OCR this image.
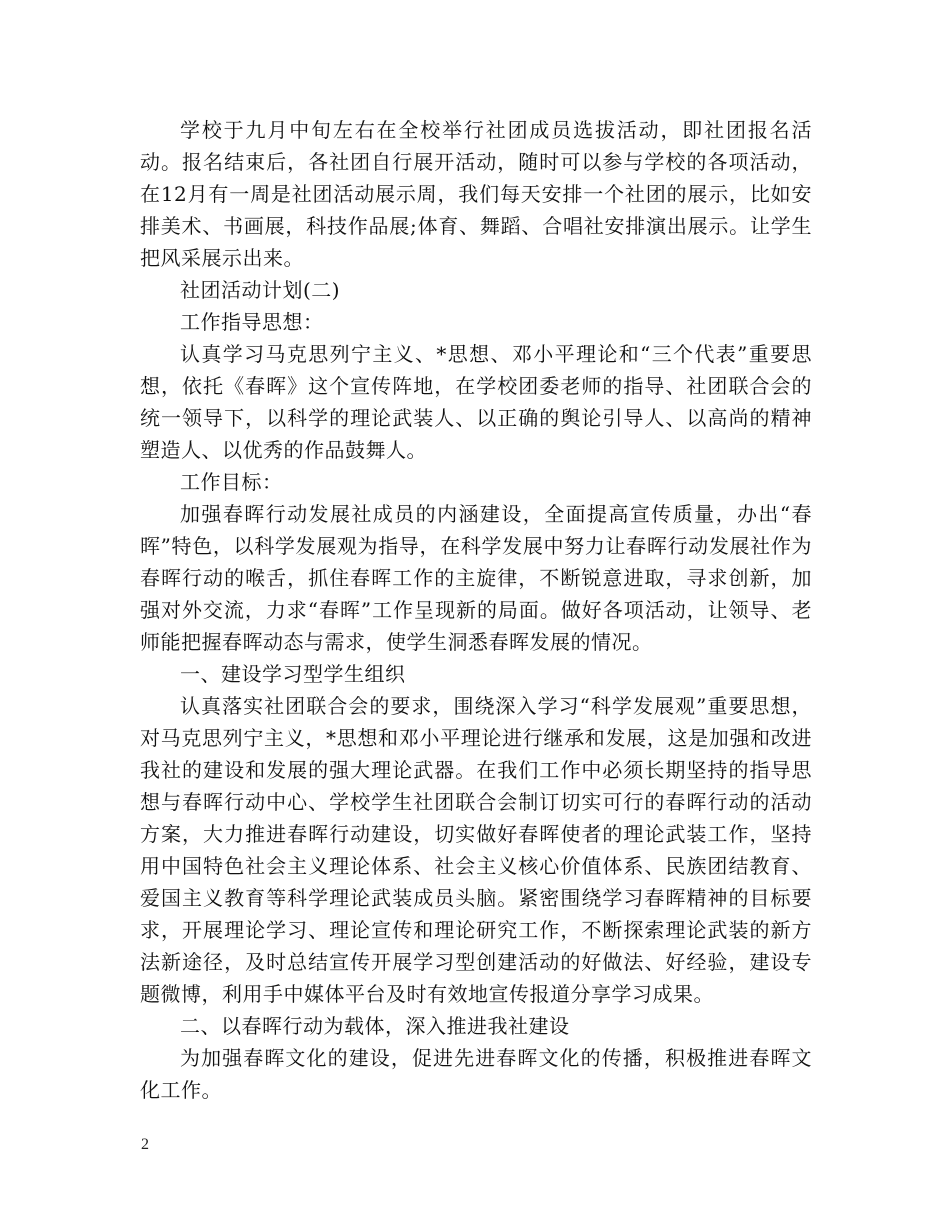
学校于九月中旬左右在全校举行社团成员选拔活动，即社团报名活动。报名结束后，各社团自行展开活动，随时可以参与学校的各项活动，在12月有一周是社团活动展示周，我们每天安排一个社团的展示，比如安排美术、书画展，科技作品展;体育、舞蹈、合唱社安排演出展示。让学生把风采展示出来。

社团活动计划(二)

工作指导思想：

认真学习马克思列宁主义、*思想、邓小平理论和“三个代表”重要思想，依托《春晖》这个宣传阵地，在学校团委老师的指导、社团联合会的统一领导下，以科学的理论武装人、以正确的舆论引导人、以高尚的精神塑造人、以优秀的作品鼓舞人。

工作目标：

加强春晖行动发展社成员的内涵建设，全面提高宣传质量，办出“春晖”特色，以科学发展观为指导，在科学发展中努力让春晖行动发展社作为春晖行动的喉舌，抓住春晖工作的主旋律，不断锐意进取，寻求创新，加强对外交流，力求“春晖”工作呈现新的局面。做好各项活动，让领导、老师能把握春晖动态与需求，使学生洞悉春晖发展的情况。

一、建设学习型学生组织

认真落实社团联合会的要求，围绕深入学习“科学发展观”重要思想，对马克思列宁主义，*思想和邓小平理论进行继承和发展，这是加强和改进我社的建设和发展的强大理论武器。在我们工作中必须长期坚持的指导思想与春晖行动中心、学校学生社团联合会制订切实可行的春晖行动的活动方案，大力推进春晖行动建设，切实做好春晖使者的理论武装工作，坚持用中国特色社会主义理论体系、社会主义核心价值体系、民族团结教育、爱国主义教育等科学理论武装成员头脑。紧密围绕学习春晖精神的目标要求，开展理论学习、理论宣传和理论研究工作，不断探索理论武装的新方法新途径，及时总结宣传开展学习型创建活动的好做法、好经验，建设专题微博，利用手中媒体平台及时有效地宣传报道分享学习成果。

二、以春晖行动为载体，深入推进我社建设

为加强春晖文化的建设，促进先进春晖文化的传播，积极推进春晖文化工作。

2
